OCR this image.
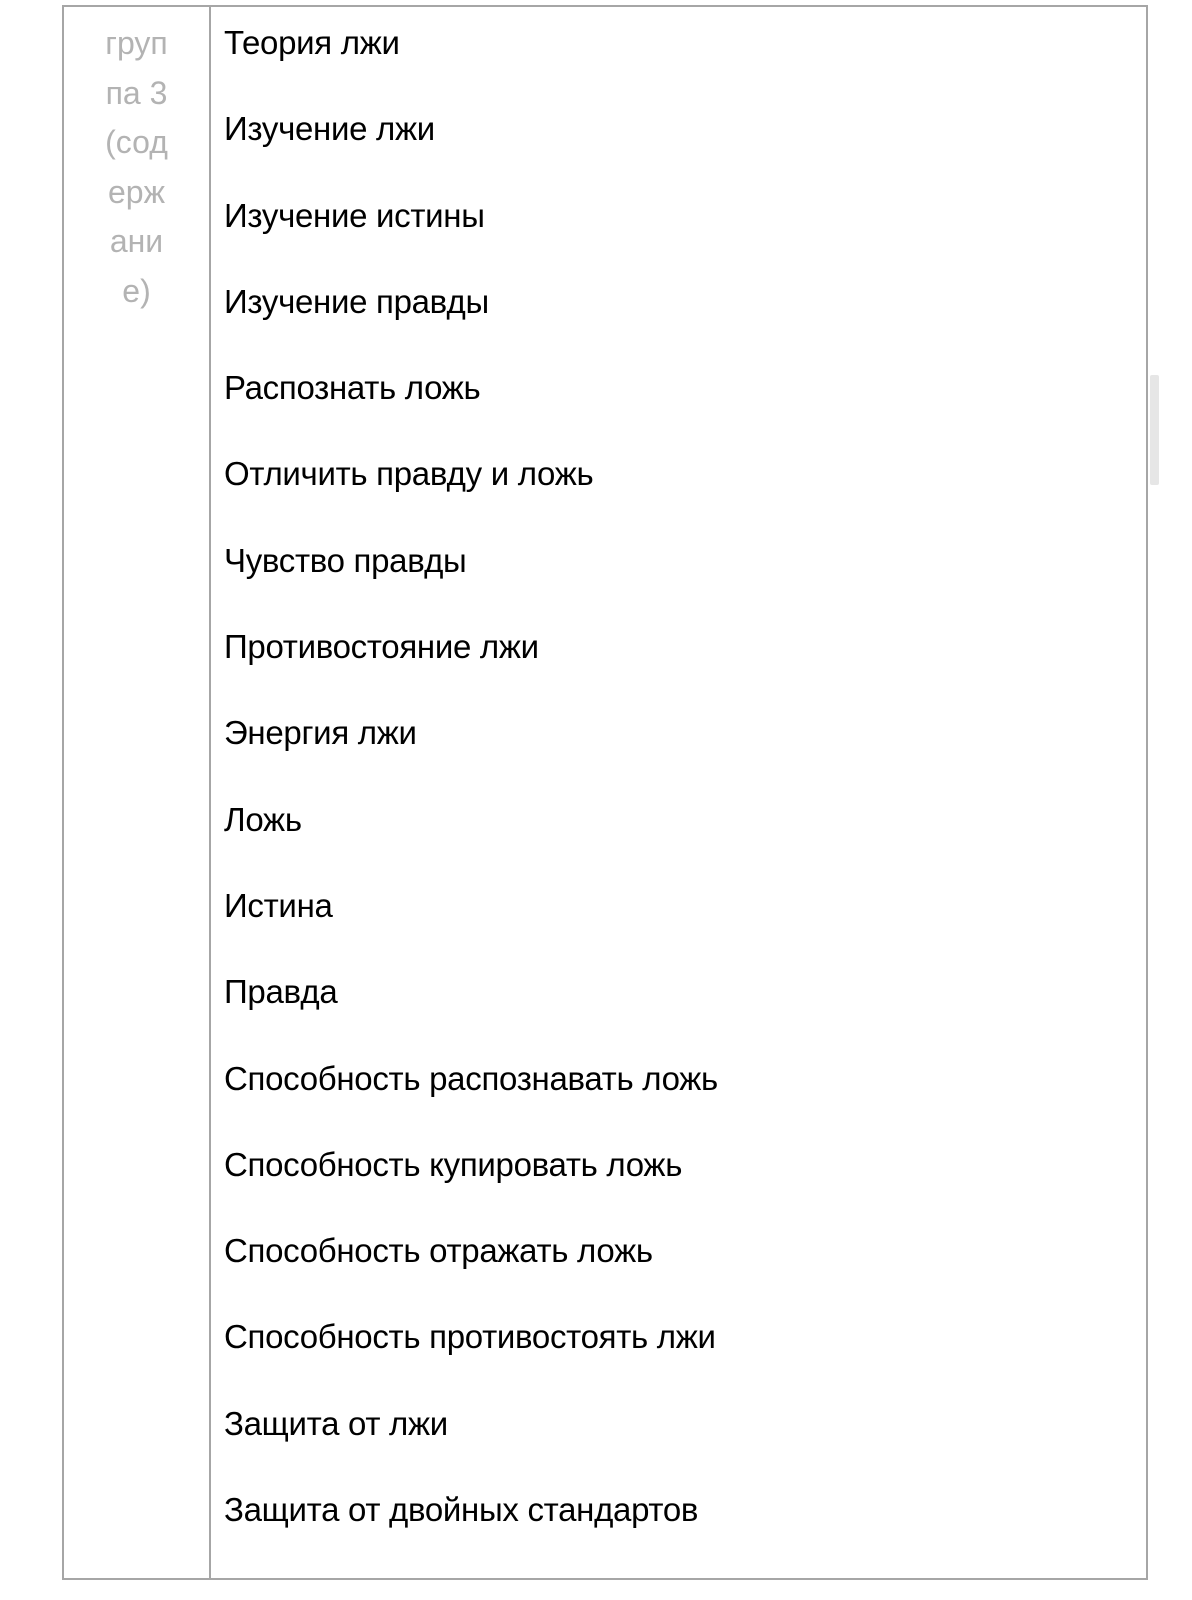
груп
па 3
(сод
ерж
ани
е)
Теория лжи
Изучение лжи
Изучение истины
Изучение правды
Распознать ложь
Отличить правду и ложь
Чувство правды
Противостояние лжи
Энергия лжи
Ложь
Истина
Правда
Способность распознавать ложь
Способность купировать ложь
Способность отражать ложь
Способность противостоять лжи
Защита от лжи
Защита от двойных стандартов
